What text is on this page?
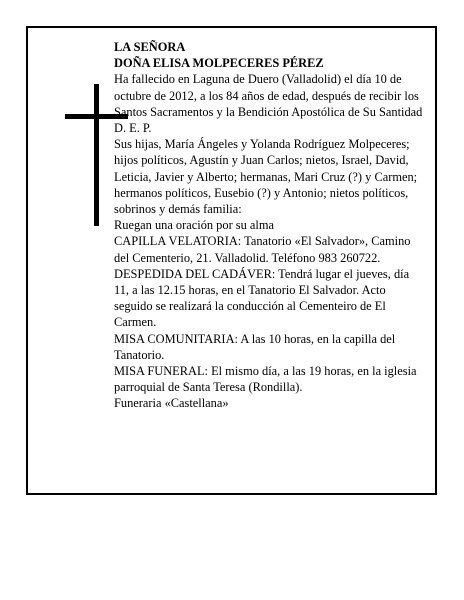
LA SEÑORA

DOÑA ELISA MOLPECERES PÉREZ

Ha fallecido en Laguna de Duero (Valladolid) el día 10 de octubre de 2012, a los 84 años de edad, después de recibir los Santos Sacramentos y la Bendición Apostólica de Su Santidad

D. E. P.

Sus hijas, María Ángeles y Yolanda Rodríguez Molpeceres; hijos políticos, Agustín y Juan Carlos; nietos, Israel, David, Leticia, Javier y Alberto; hermanas, Mari Cruz (?) y Carmen; hermanos políticos, Eusebio (?) y Antonio; nietos políticos, sobrinos y demás familia:

Ruegan una oración por su alma

CAPILLA VELATORIA: Tanatorio «El Salvador», Camino del Cementerio, 21. Valladolid. Teléfono 983 260722.

DESPEDIDA DEL CADÁVER: Tendrá lugar el jueves, día 11, a las 12.15 horas, en el Tanatorio El Salvador. Acto seguido se realizará la conducción al Cementeiro de El Carmen.

MISA COMUNITARIA: A las 10 horas, en la capilla del Tanatorio.

MISA FUNERAL: El mismo día, a las 19 horas, en la iglesia parroquial de Santa Teresa (Rondilla).

Funeraria «Castellana»
